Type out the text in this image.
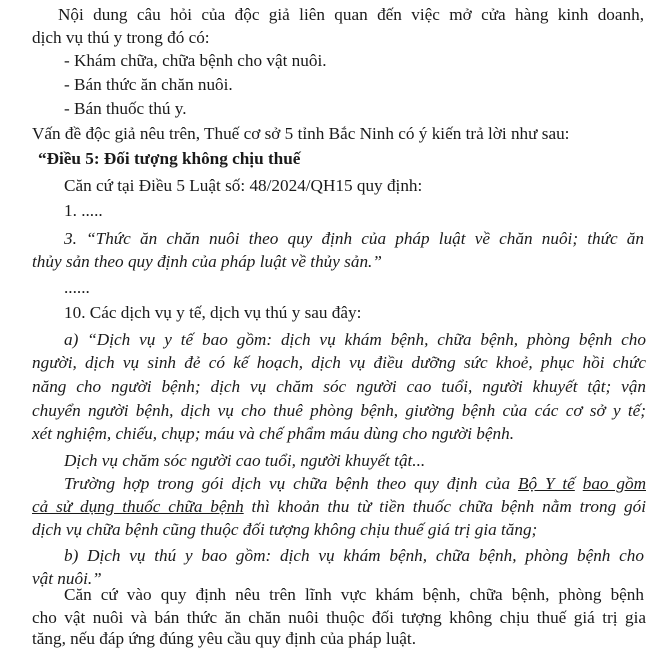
Nội dung câu hỏi của độc giả liên quan đến việc mở cửa hàng kinh doanh,
dịch vụ thú y trong đó có:
- Khám chữa, chữa bệnh cho vật nuôi.
- Bán thức ăn chăn nuôi.
- Bán thuốc thú y.
Vấn đề độc giả nêu trên, Thuế cơ sở 5 tỉnh Bắc Ninh có ý kiến trả lời như sau:
“Điều 5: Đối tượng không chịu thuế
Căn cứ tại Điều 5 Luật số: 48/2024/QH15 quy định:
1. .....
3. “Thức ăn chăn nuôi theo quy định của pháp luật về chăn nuôi; thức ăn
thủy sản theo quy định của pháp luật về thủy sản.”
......
10. Các dịch vụ y tế, dịch vụ thú y sau đây:
a) “Dịch vụ y tế bao gồm: dịch vụ khám bệnh, chữa bệnh, phòng bệnh cho
người, dịch vụ sinh đẻ có kế hoạch, dịch vụ điều dưỡng sức khoẻ, phục hồi chức
năng cho người bệnh; dịch vụ chăm sóc người cao tuổi, người khuyết tật; vận
chuyển người bệnh, dịch vụ cho thuê phòng bệnh, giường bệnh của các cơ sở y tế;
xét nghiệm, chiếu, chụp; máu và chế phẩm máu dùng cho người bệnh.
Dịch vụ chăm sóc người cao tuổi, người khuyết tật...
Trường hợp trong gói dịch vụ chữa bệnh theo quy định của Bộ Y tế bao gồm
cả sử dụng thuốc chữa bệnh thì khoản thu từ tiền thuốc chữa bệnh nằm trong gói
dịch vụ chữa bệnh cũng thuộc đối tượng không chịu thuế giá trị gia tăng;
b) Dịch vụ thú y bao gồm: dịch vụ khám bệnh, chữa bệnh, phòng bệnh cho
vật nuôi.”
Căn cứ vào quy định nêu trên lĩnh vực khám bệnh, chữa bệnh, phòng bệnh
cho vật nuôi và bán thức ăn chăn nuôi thuộc đối tượng không chịu thuế giá trị gia
tăng, nếu đáp ứng đúng yêu cầu quy định của pháp luật.
